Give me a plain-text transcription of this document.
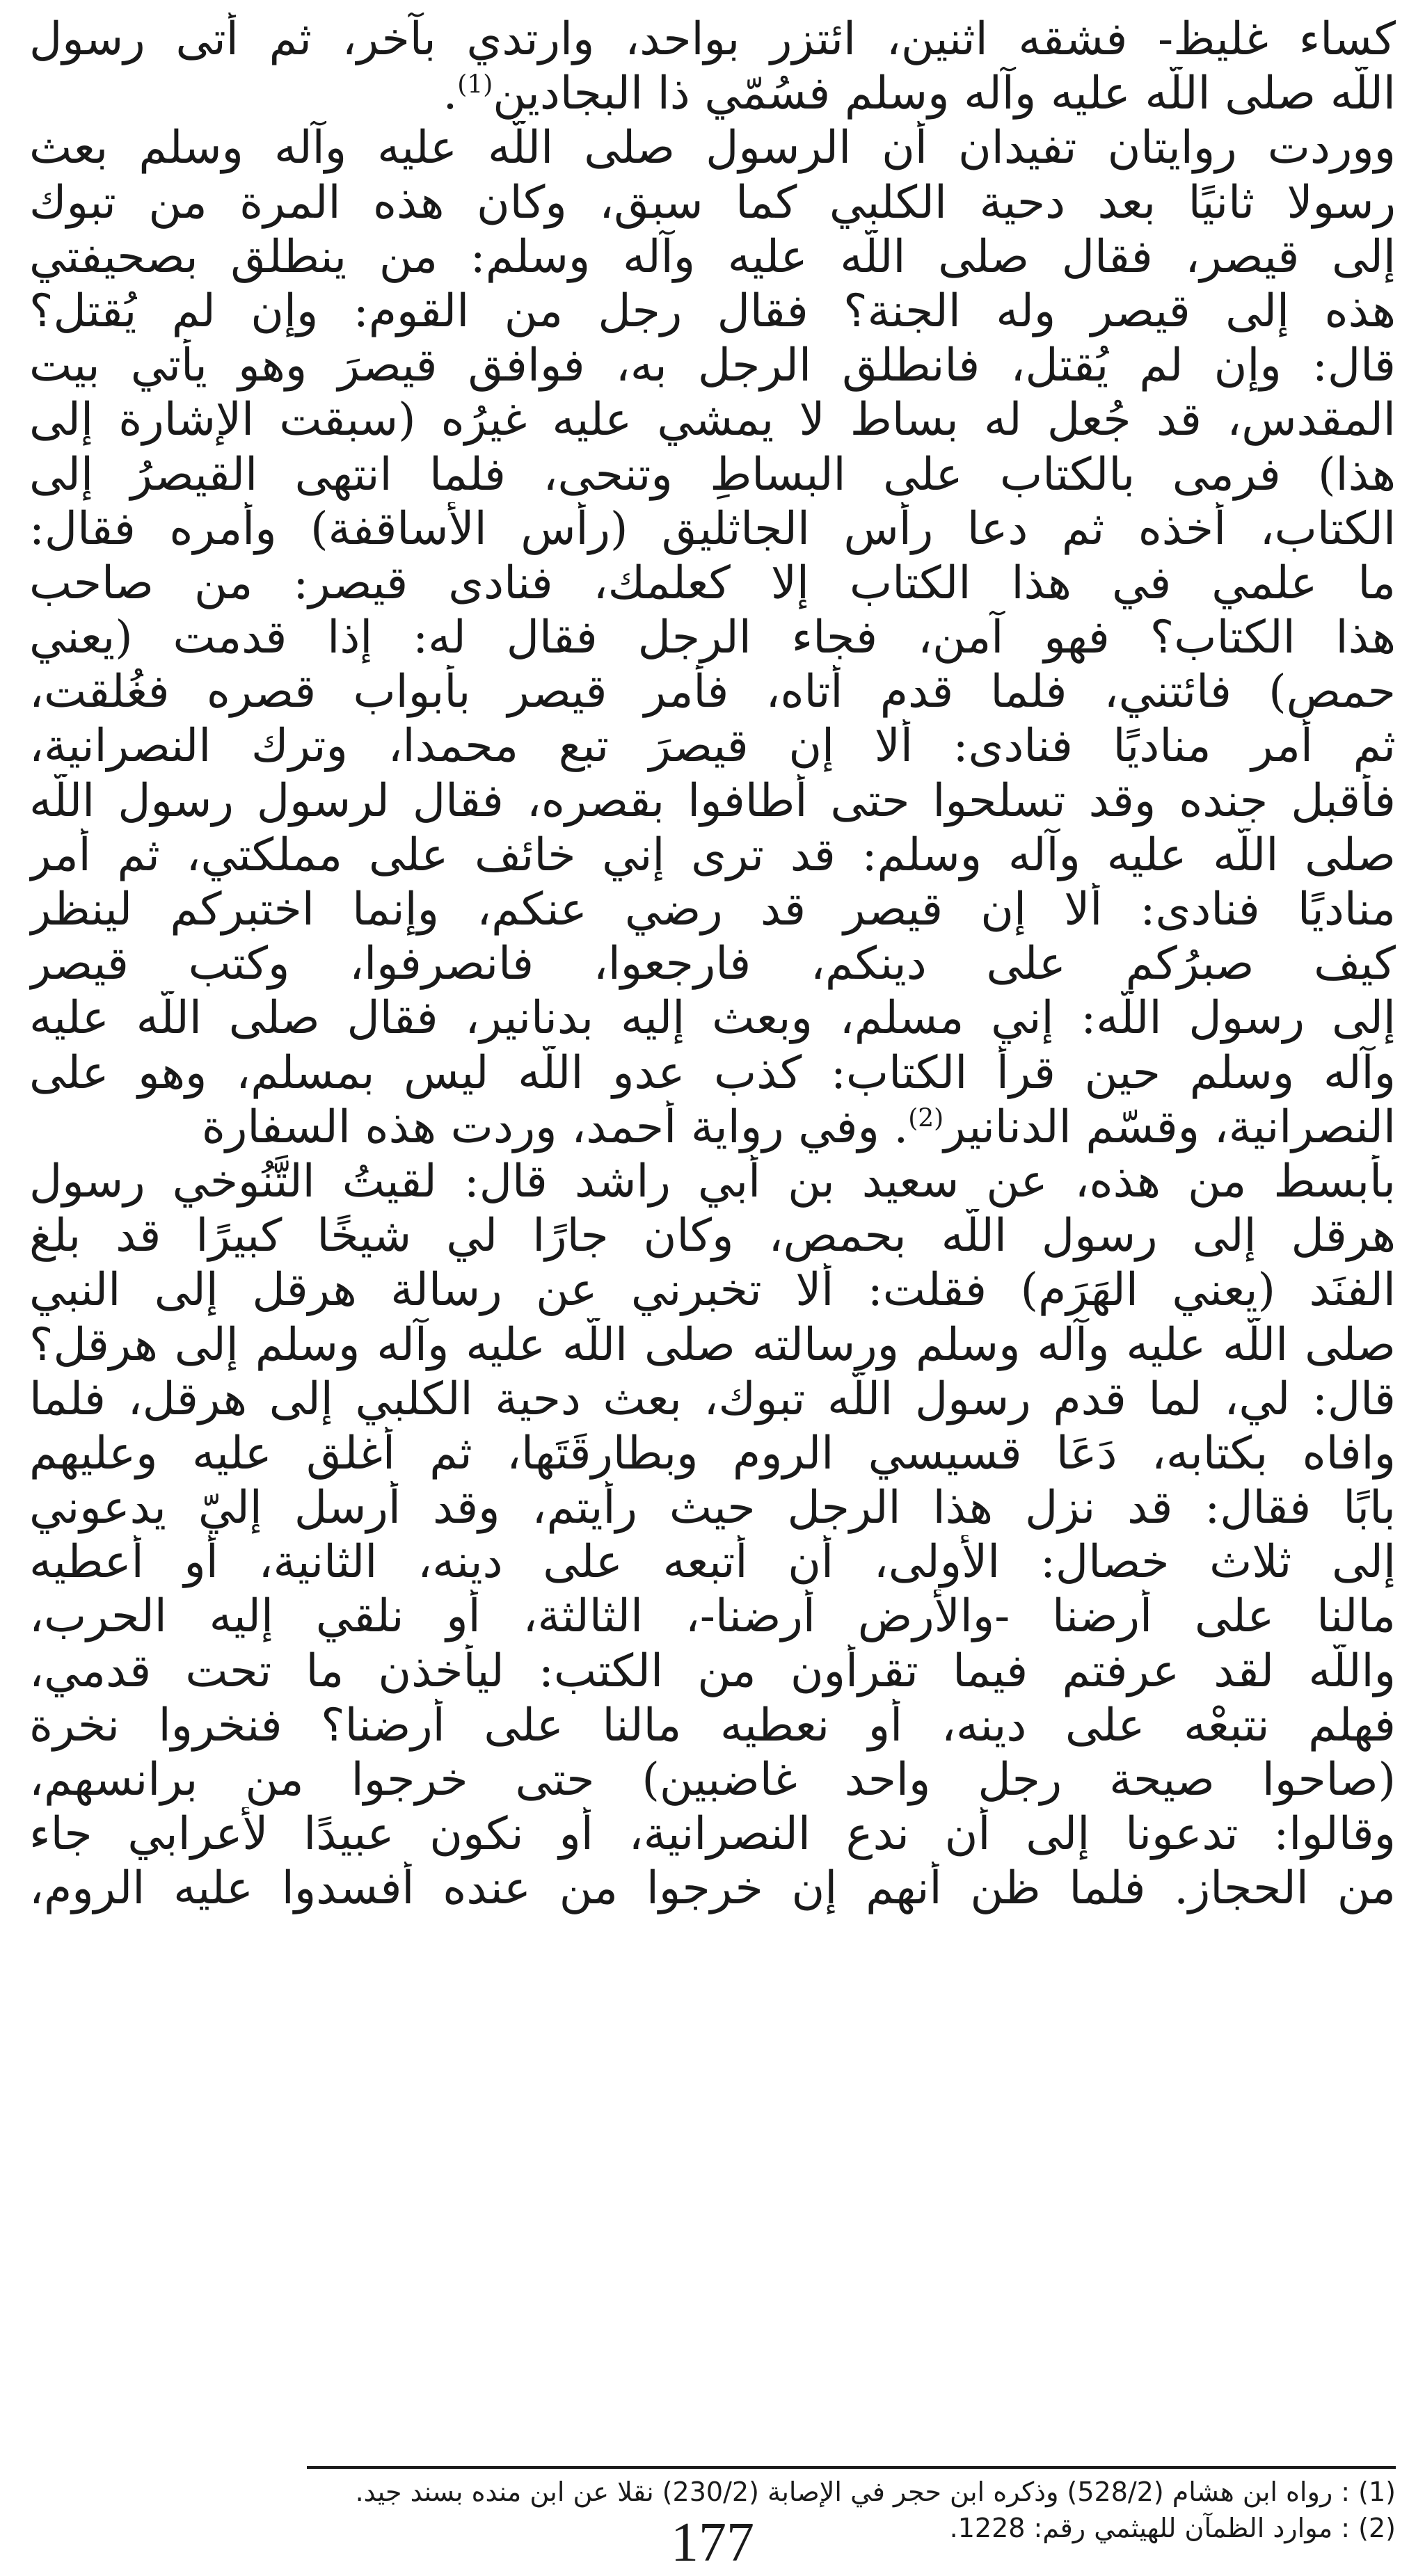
كساء غليظ- فشقه اثنين، ائتزر بواحد، وارتدي بآخر، ثم أتى رسول
اللّه صلى اللّه عليه وآله وسلم فسُمّي ذا البجادين$^{(1)}$.
ووردت روايتان تفيدان أن الرسول صلى اللّه عليه وآله وسلم بعث
رسولا ثانيًا بعد دحية الكلبي كما سبق، وكان هذه المرة من تبوك
إلى قيصر، فقال صلى اللّه عليه وآله وسلم: من ينطلق بصحيفتي
هذه إلى قيصر وله الجنة؟ فقال رجل من القوم: وإن لم يُقتل؟
قال: وإن لم يُقتل، فانطلق الرجل به، فوافق قيصرَ وهو يأتي بيت
المقدس، قد جُعل له بساط لا يمشي عليه غيرُه (سبقت الإشارة إلى
هذا) فرمى بالكتاب على البساطِ وتنحى، فلما انتهى القيصرُ إلى
الكتاب، أخذه ثم دعا رأس الجاثليق (رأس الأساقفة) وأمره فقال:
ما علمي في هذا الكتاب إلا كعلمك، فنادى قيصر: من صاحب
هذا الكتاب؟ فهو آمن، فجاء الرجل فقال له: إذا قدمت (يعني
حمص) فائتني، فلما قدم أتاه، فأمر قيصر بأبواب قصره فغُلقت،
ثم أمر مناديًا فنادى: ألا إن قيصرَ تبع محمدا، وترك النصرانية،
فأقبل جنده وقد تسلحوا حتى أطافوا بقصره، فقال لرسول رسول اللّه
صلى اللّه عليه وآله وسلم: قد ترى إني خائف على مملكتي، ثم أمر
مناديًا فنادى: ألا إن قيصر قد رضي عنكم، وإنما اختبركم لينظر
كيف صبرُكم على دينكم، فارجعوا، فانصرفوا، وكتب قيصر
إلى رسول اللّه: إني مسلم، وبعث إليه بدنانير، فقال صلى اللّه عليه
وآله وسلم حين قرأ الكتاب: كذب عدو اللّه ليس بمسلم، وهو على
النصرانية، وقسّم الدنانير$^{(2)}$. وفي رواية أحمد، وردت هذه السفارة
بأبسط من هذه، عن سعيد بن أبي راشد قال: لقيتُ التَّنُوخي رسول
هرقل إلى رسول اللّه بحمص، وكان جارًا لي شيخًا كبيرًا قد بلغ
الفنَد (يعني الهَرَم) فقلت: ألا تخبرني عن رسالة هرقل إلى النبي
صلى اللّه عليه وآله وسلم ورسالته صلى اللّه عليه وآله وسلم إلى هرقل؟
قال: لي، لما قدم رسول اللّه تبوك، بعث دحية الكلبي إلى هرقل، فلما
وافاه بكتابه، دَعَا قسيسي الروم وبطارقَتَها، ثم أغلق عليه وعليهم
بابًا فقال: قد نزل هذا الرجل حيث رأيتم، وقد أرسل إليّ يدعوني
إلى ثلاث خصال: الأولى، أن أتبعه على دينه، الثانية، أو أعطيه
مالنا على أرضنا -والأرض أرضنا-، الثالثة، أو نلقي إليه الحرب،
واللّه لقد عرفتم فيما تقرأون من الكتب: ليأخذن ما تحت قدمي،
فهلم نتبعْه على دينه، أو نعطيه مالنا على أرضنا؟ فنخروا نخرة
(صاحوا صيحة رجل واحد غاضبين) حتى خرجوا من برانسهم،
وقالوا: تدعونا إلى أن ندع النصرانية، أو نكون عبيدًا لأعرابي جاء
من الحجاز. فلما ظن أنهم إن خرجوا من عنده أفسدوا عليه الروم،
(1) : رواه ابن هشام (528/2) وذكره ابن حجر في الإصابة (230/2) نقلا عن ابن منده بسند جيد.
(2) : موارد الظمآن للهيثمي رقم: 1228.
177
